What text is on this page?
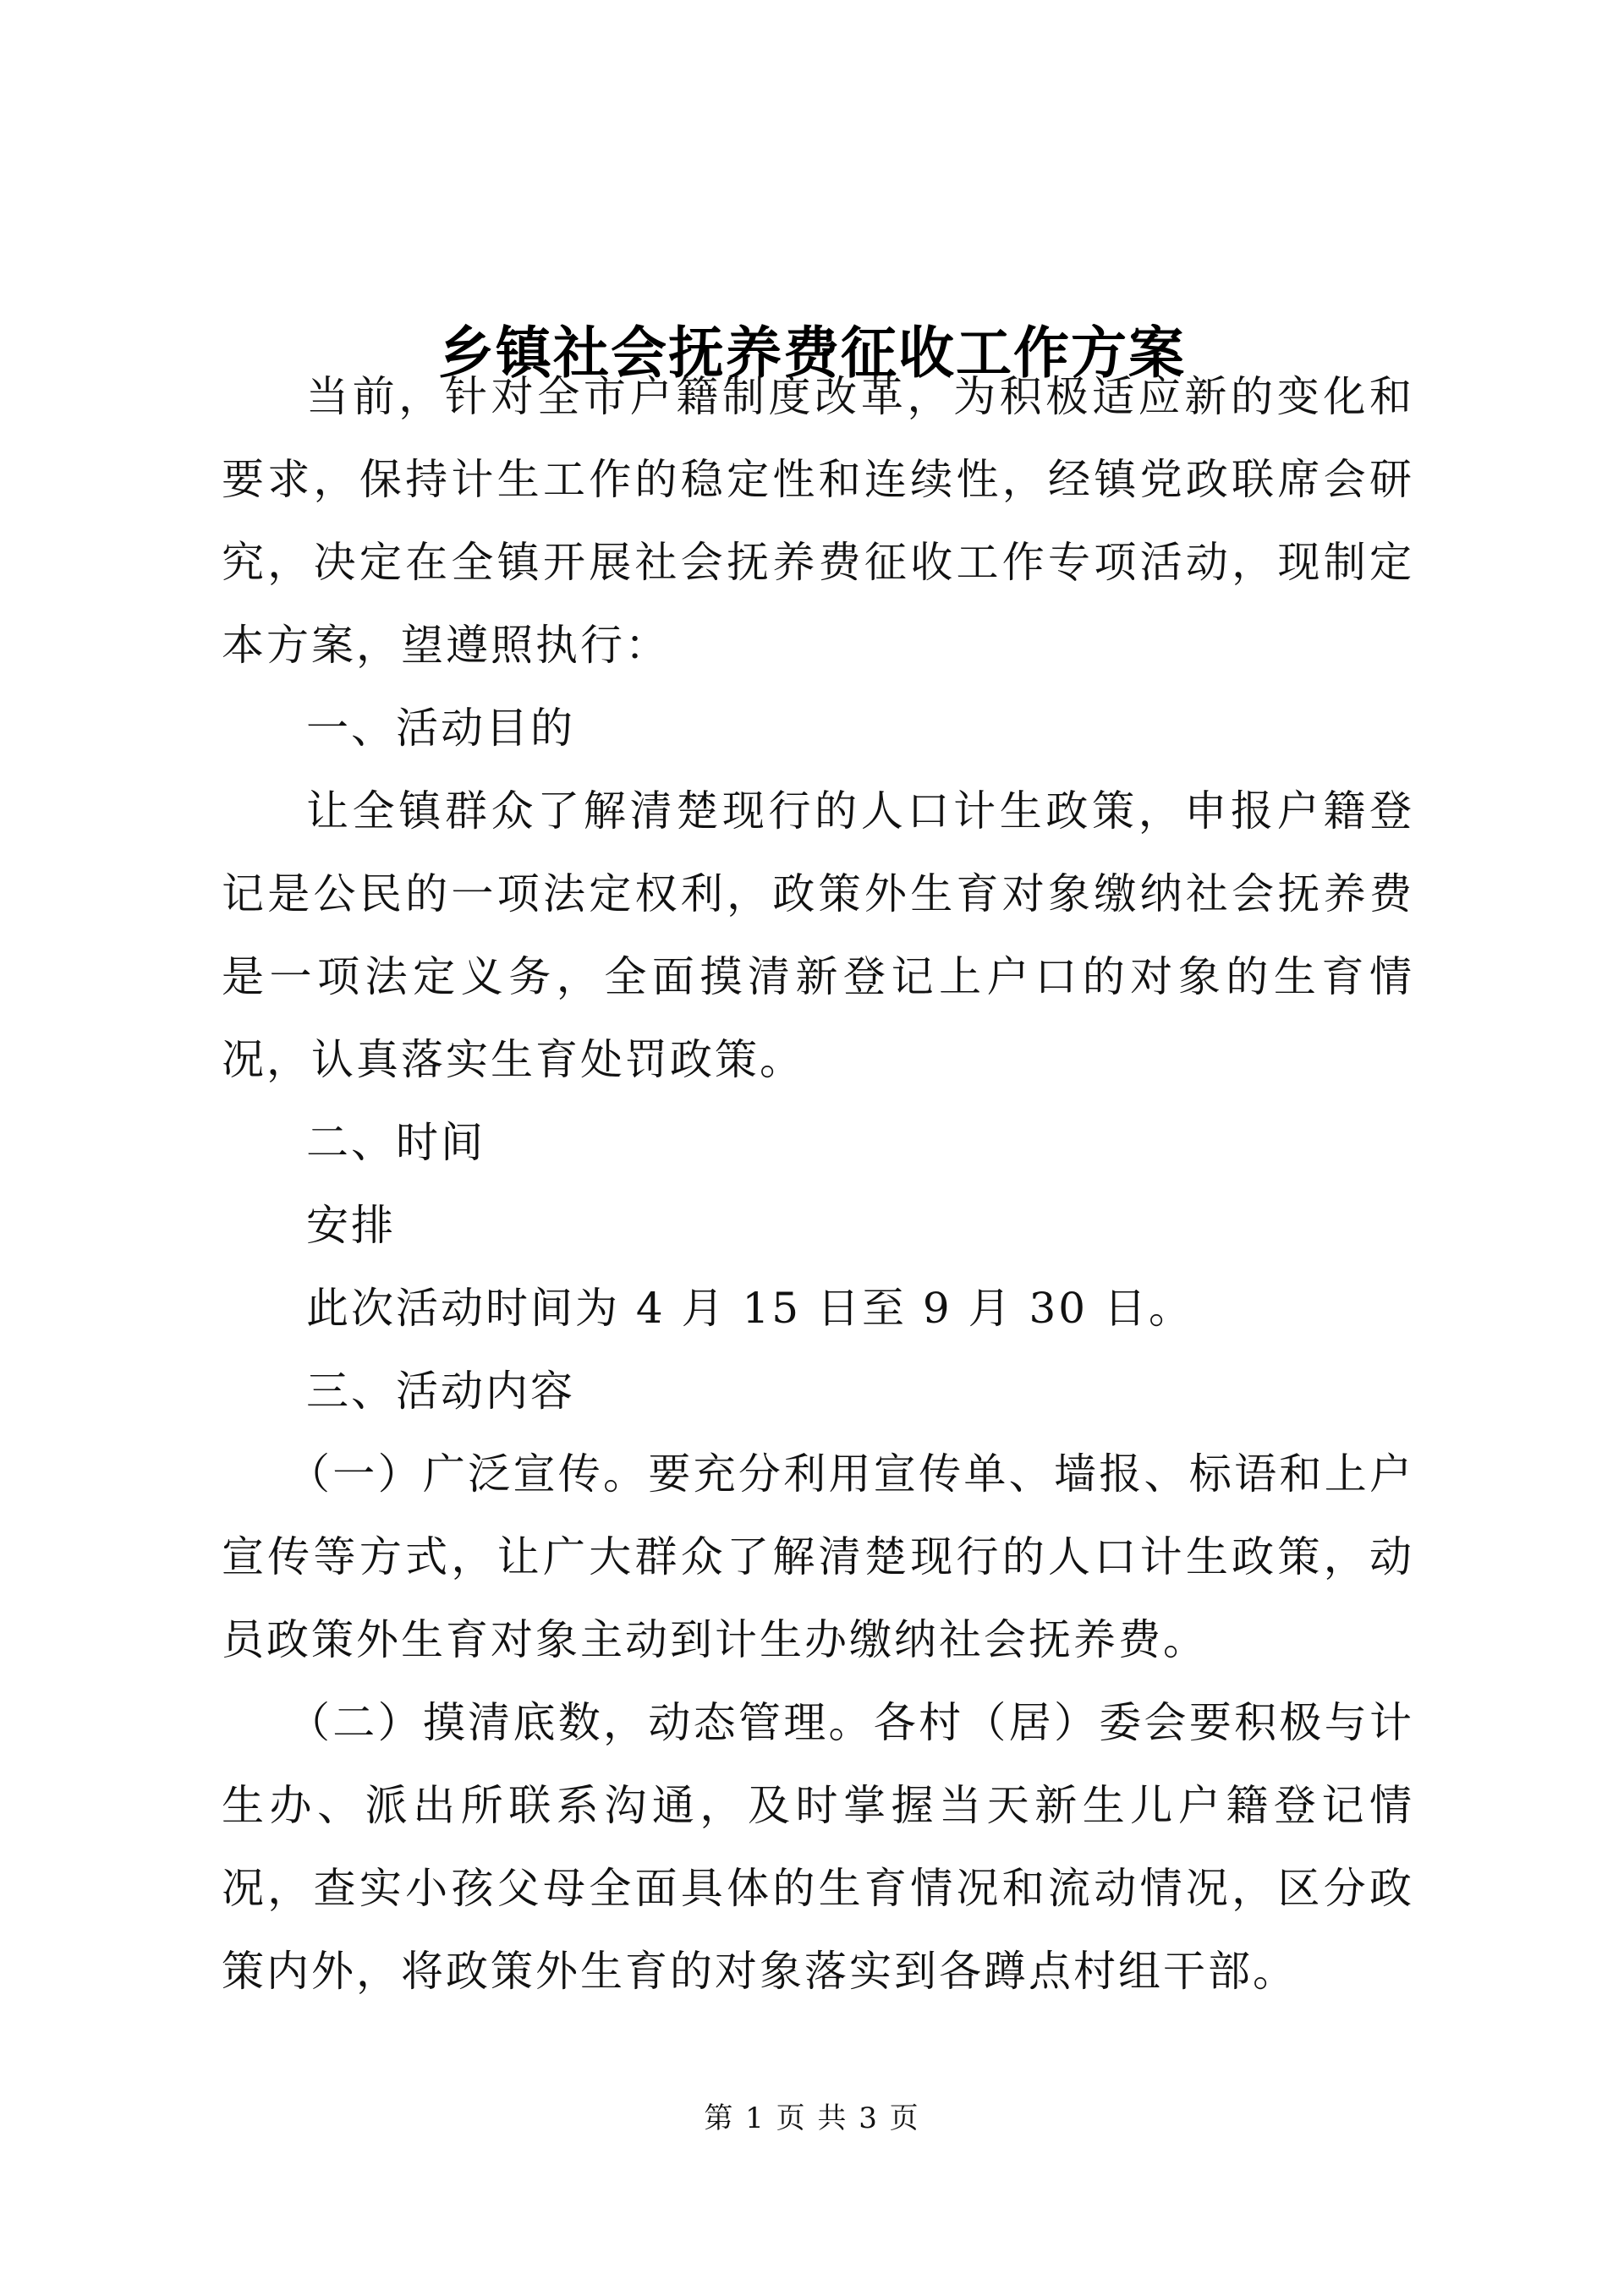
乡镇社会抚养费征收工作方案

当前，针对全市户籍制度改革，为积极适应新的变化和要求，保持计生工作的稳定性和连续性，经镇党政联席会研究，决定在全镇开展社会抚养费征收工作专项活动，现制定本方案，望遵照执行：

一、活动目的

让全镇群众了解清楚现行的人口计生政策，申报户籍登记是公民的一项法定权利，政策外生育对象缴纳社会抚养费是一项法定义务，全面摸清新登记上户口的对象的生育情况，认真落实生育处罚政策。

二、时间

安排

此次活动时间为 4 月 15 日至 9 月 30 日。

三、活动内容

（一）广泛宣传。要充分利用宣传单、墙报、标语和上户宣传等方式，让广大群众了解清楚现行的人口计生政策，动员政策外生育对象主动到计生办缴纳社会抚养费。

（二）摸清底数，动态管理。各村（居）委会要积极与计生办、派出所联系沟通，及时掌握当天新生儿户籍登记情况，查实小孩父母全面具体的生育情况和流动情况，区分政策内外，将政策外生育的对象落实到各蹲点村组干部。

第 1 页 共 3 页
